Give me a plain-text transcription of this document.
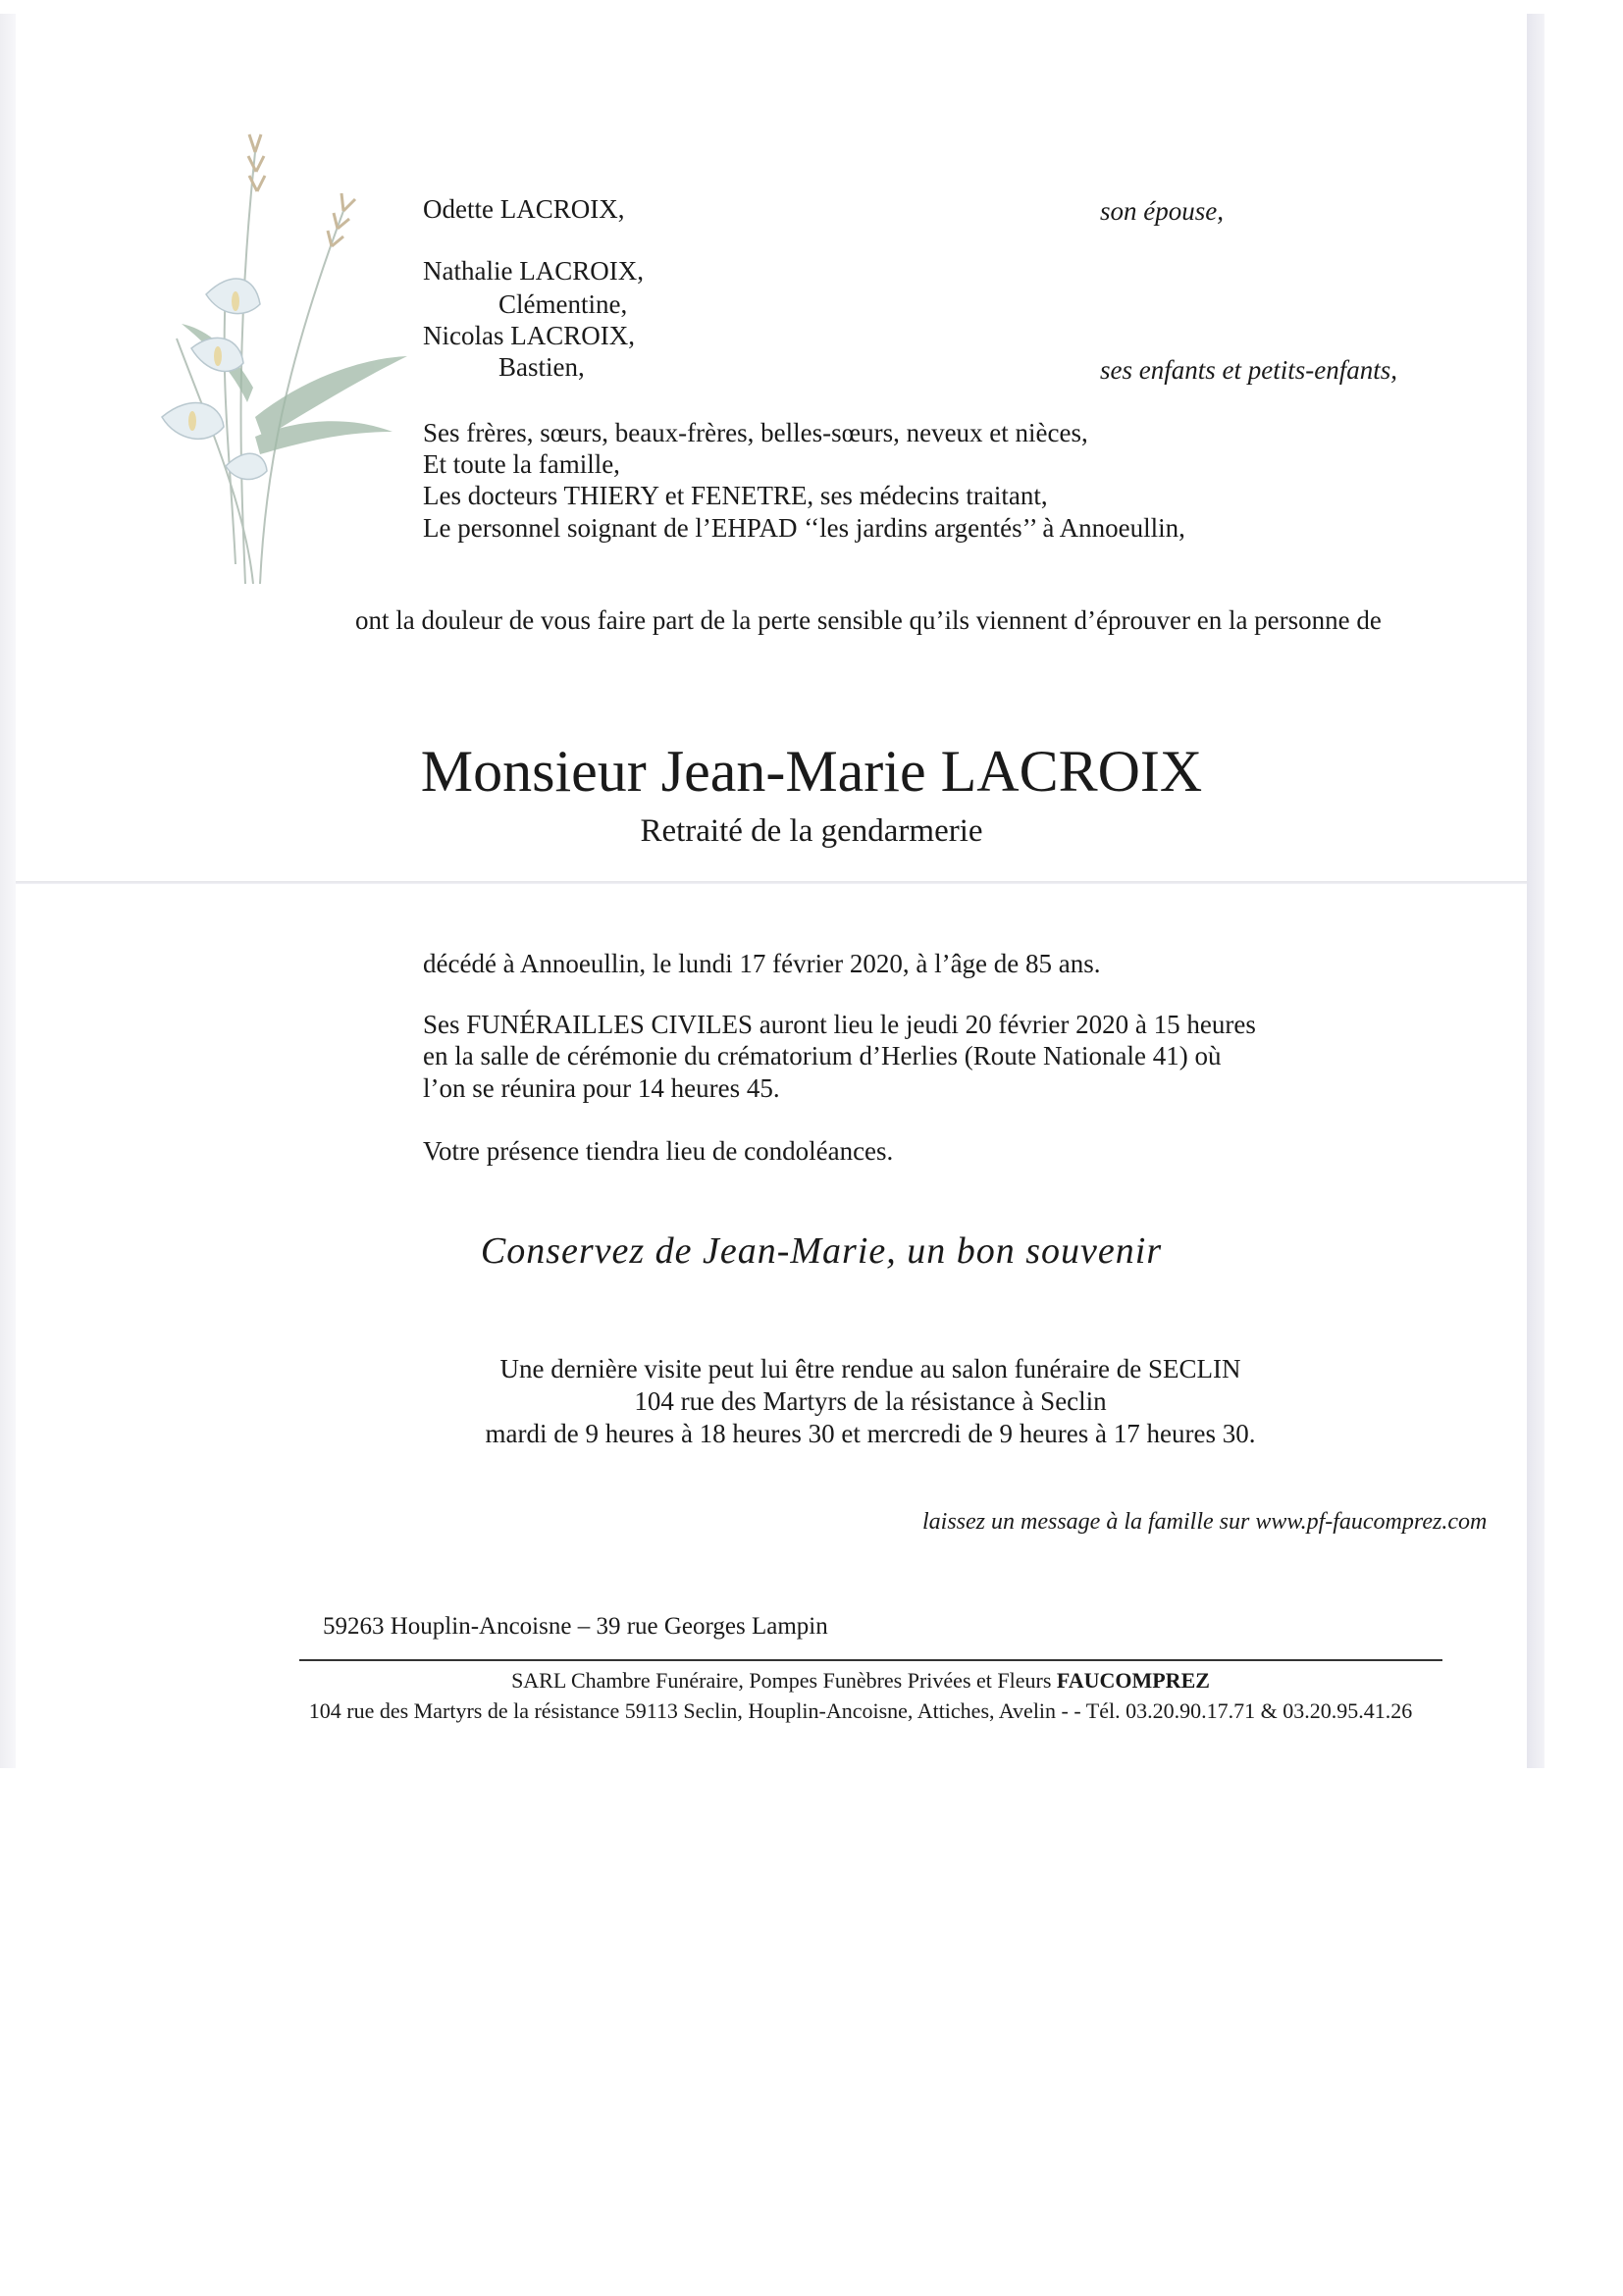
Odette LACROIX,	son épouse,
Nathalie LACROIX,
Clémentine,
Nicolas LACROIX,
Bastien,	ses enfants et petits-enfants,
Ses frères, sœurs, beaux-frères, belles-sœurs, neveux et nièces,
Et toute la famille,
Les docteurs THIERY et FENETRE, ses médecins traitant,
Le personnel soignant de l’EHPAD ‘‘les jardins argentés’’ à Annoeullin,
ont la douleur de vous faire part de la perte sensible qu’ils viennent d’éprouver en la personne de
Monsieur Jean-Marie LACROIX
Retraité de la gendarmerie
décédé à Annoeullin, le lundi 17 février 2020, à l’âge de 85 ans.
Ses FUNÉRAILLES CIVILES auront lieu le jeudi 20 février 2020 à 15 heures
en la salle de cérémonie du crématorium d’Herlies (Route Nationale 41) où
l’on se réunira pour 14 heures 45.
Votre présence tiendra lieu de condoléances.
Conservez de Jean-Marie, un bon souvenir
Une dernière visite peut lui être rendue au salon funéraire de SECLIN
104 rue des Martyrs de la résistance à Seclin
mardi de 9 heures à 18 heures 30 et mercredi de 9 heures à 17 heures 30.
laissez un message à la famille sur www.pf-faucomprez.com
59263 Houplin-Ancoisne – 39 rue Georges Lampin
SARL Chambre Funéraire, Pompes Funèbres Privées et Fleurs FAUCOMPREZ
104 rue des Martyrs de la résistance 59113 Seclin, Houplin-Ancoisne, Attiches, Avelin - - Tél. 03.20.90.17.71 & 03.20.95.41.26
